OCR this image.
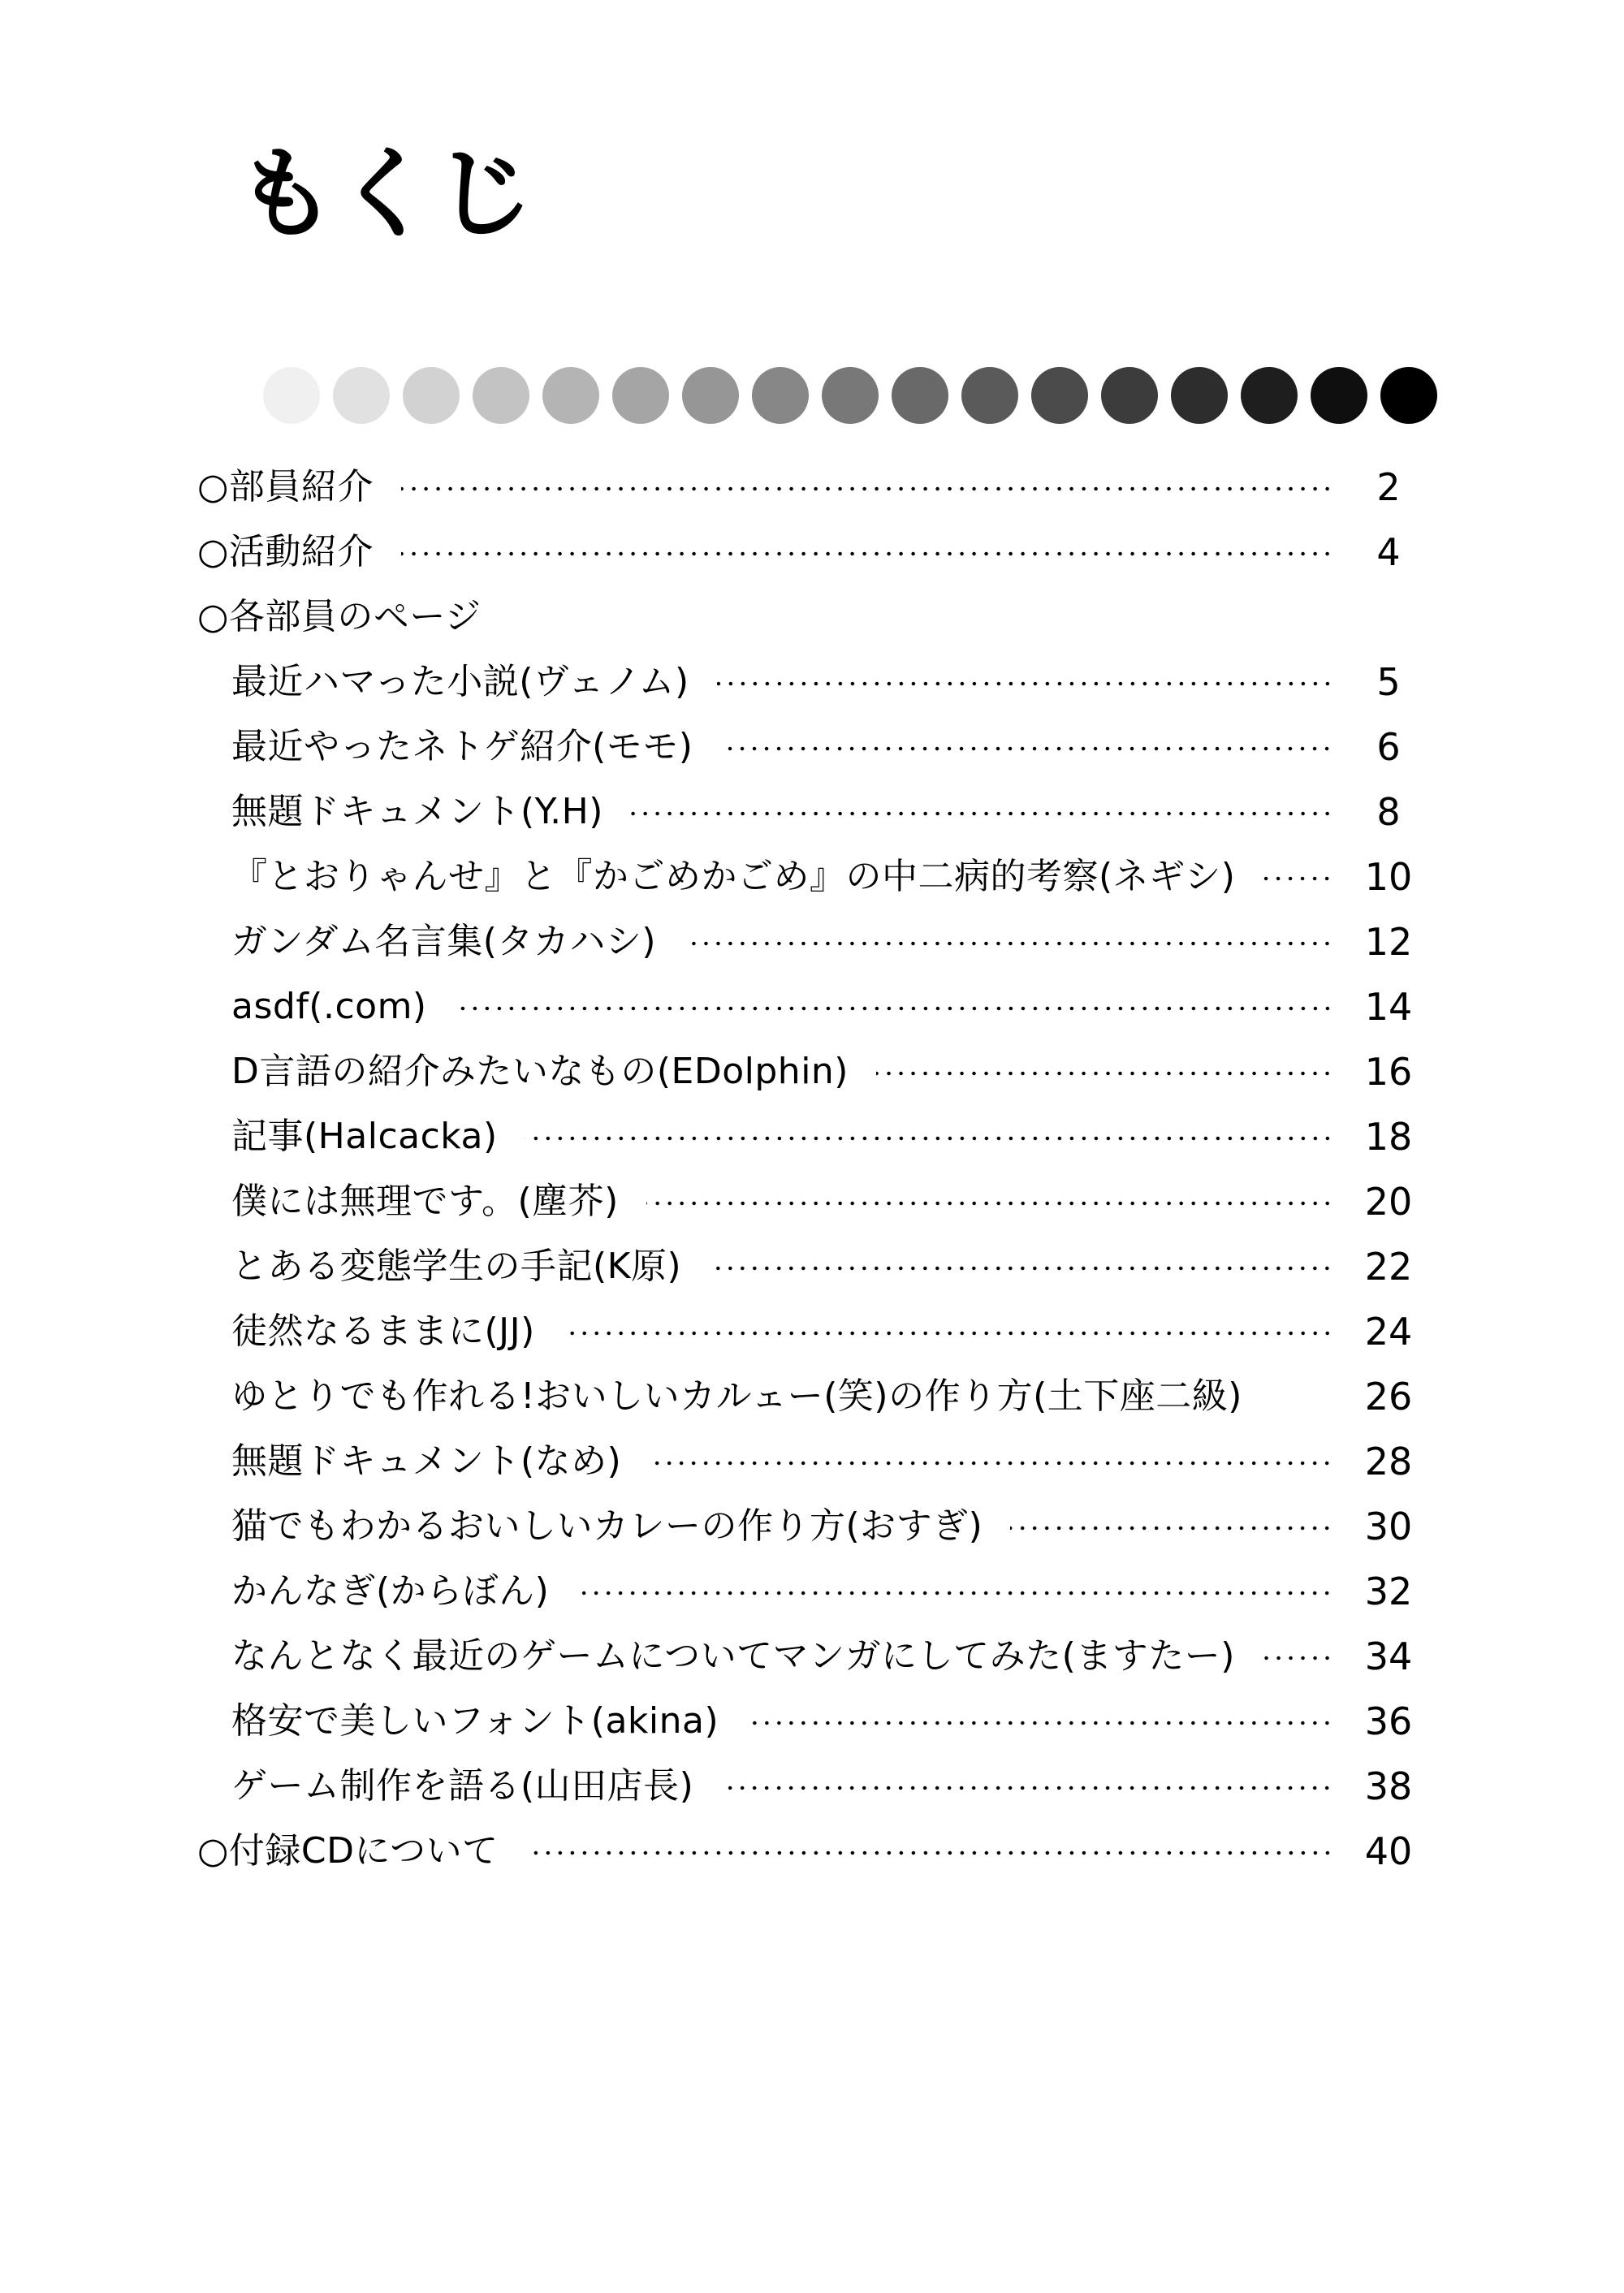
もくじ
○部員紹介	2
○活動紹介	4
○各部員のページ
最近ハマった小説(ヴェノム)	5
最近やったネトゲ紹介(モモ)	6
無題ドキュメント(Y.H)	8
『とおりゃんせ』と『かごめかごめ』の中二病的考察(ネギシ)	10
ガンダム名言集(タカハシ)	12
asdf(.com)	14
D言語の紹介みたいなもの(EDolphin)	16
記事(Halcacka)	18
僕には無理です。(塵芥)	20
とある変態学生の手記(K原)	22
徒然なるままに(JJ)	24
ゆとりでも作れる!おいしいカルェー(笑)の作り方(土下座二級)	26
無題ドキュメント(なめ)	28
猫でもわかるおいしいカレーの作り方(おすぎ)	30
かんなぎ(からぼん)	32
なんとなく最近のゲームについてマンガにしてみた(ますたー)	34
格安で美しいフォント(akina)	36
ゲーム制作を語る(山田店長)	38
○付録CDについて	40
